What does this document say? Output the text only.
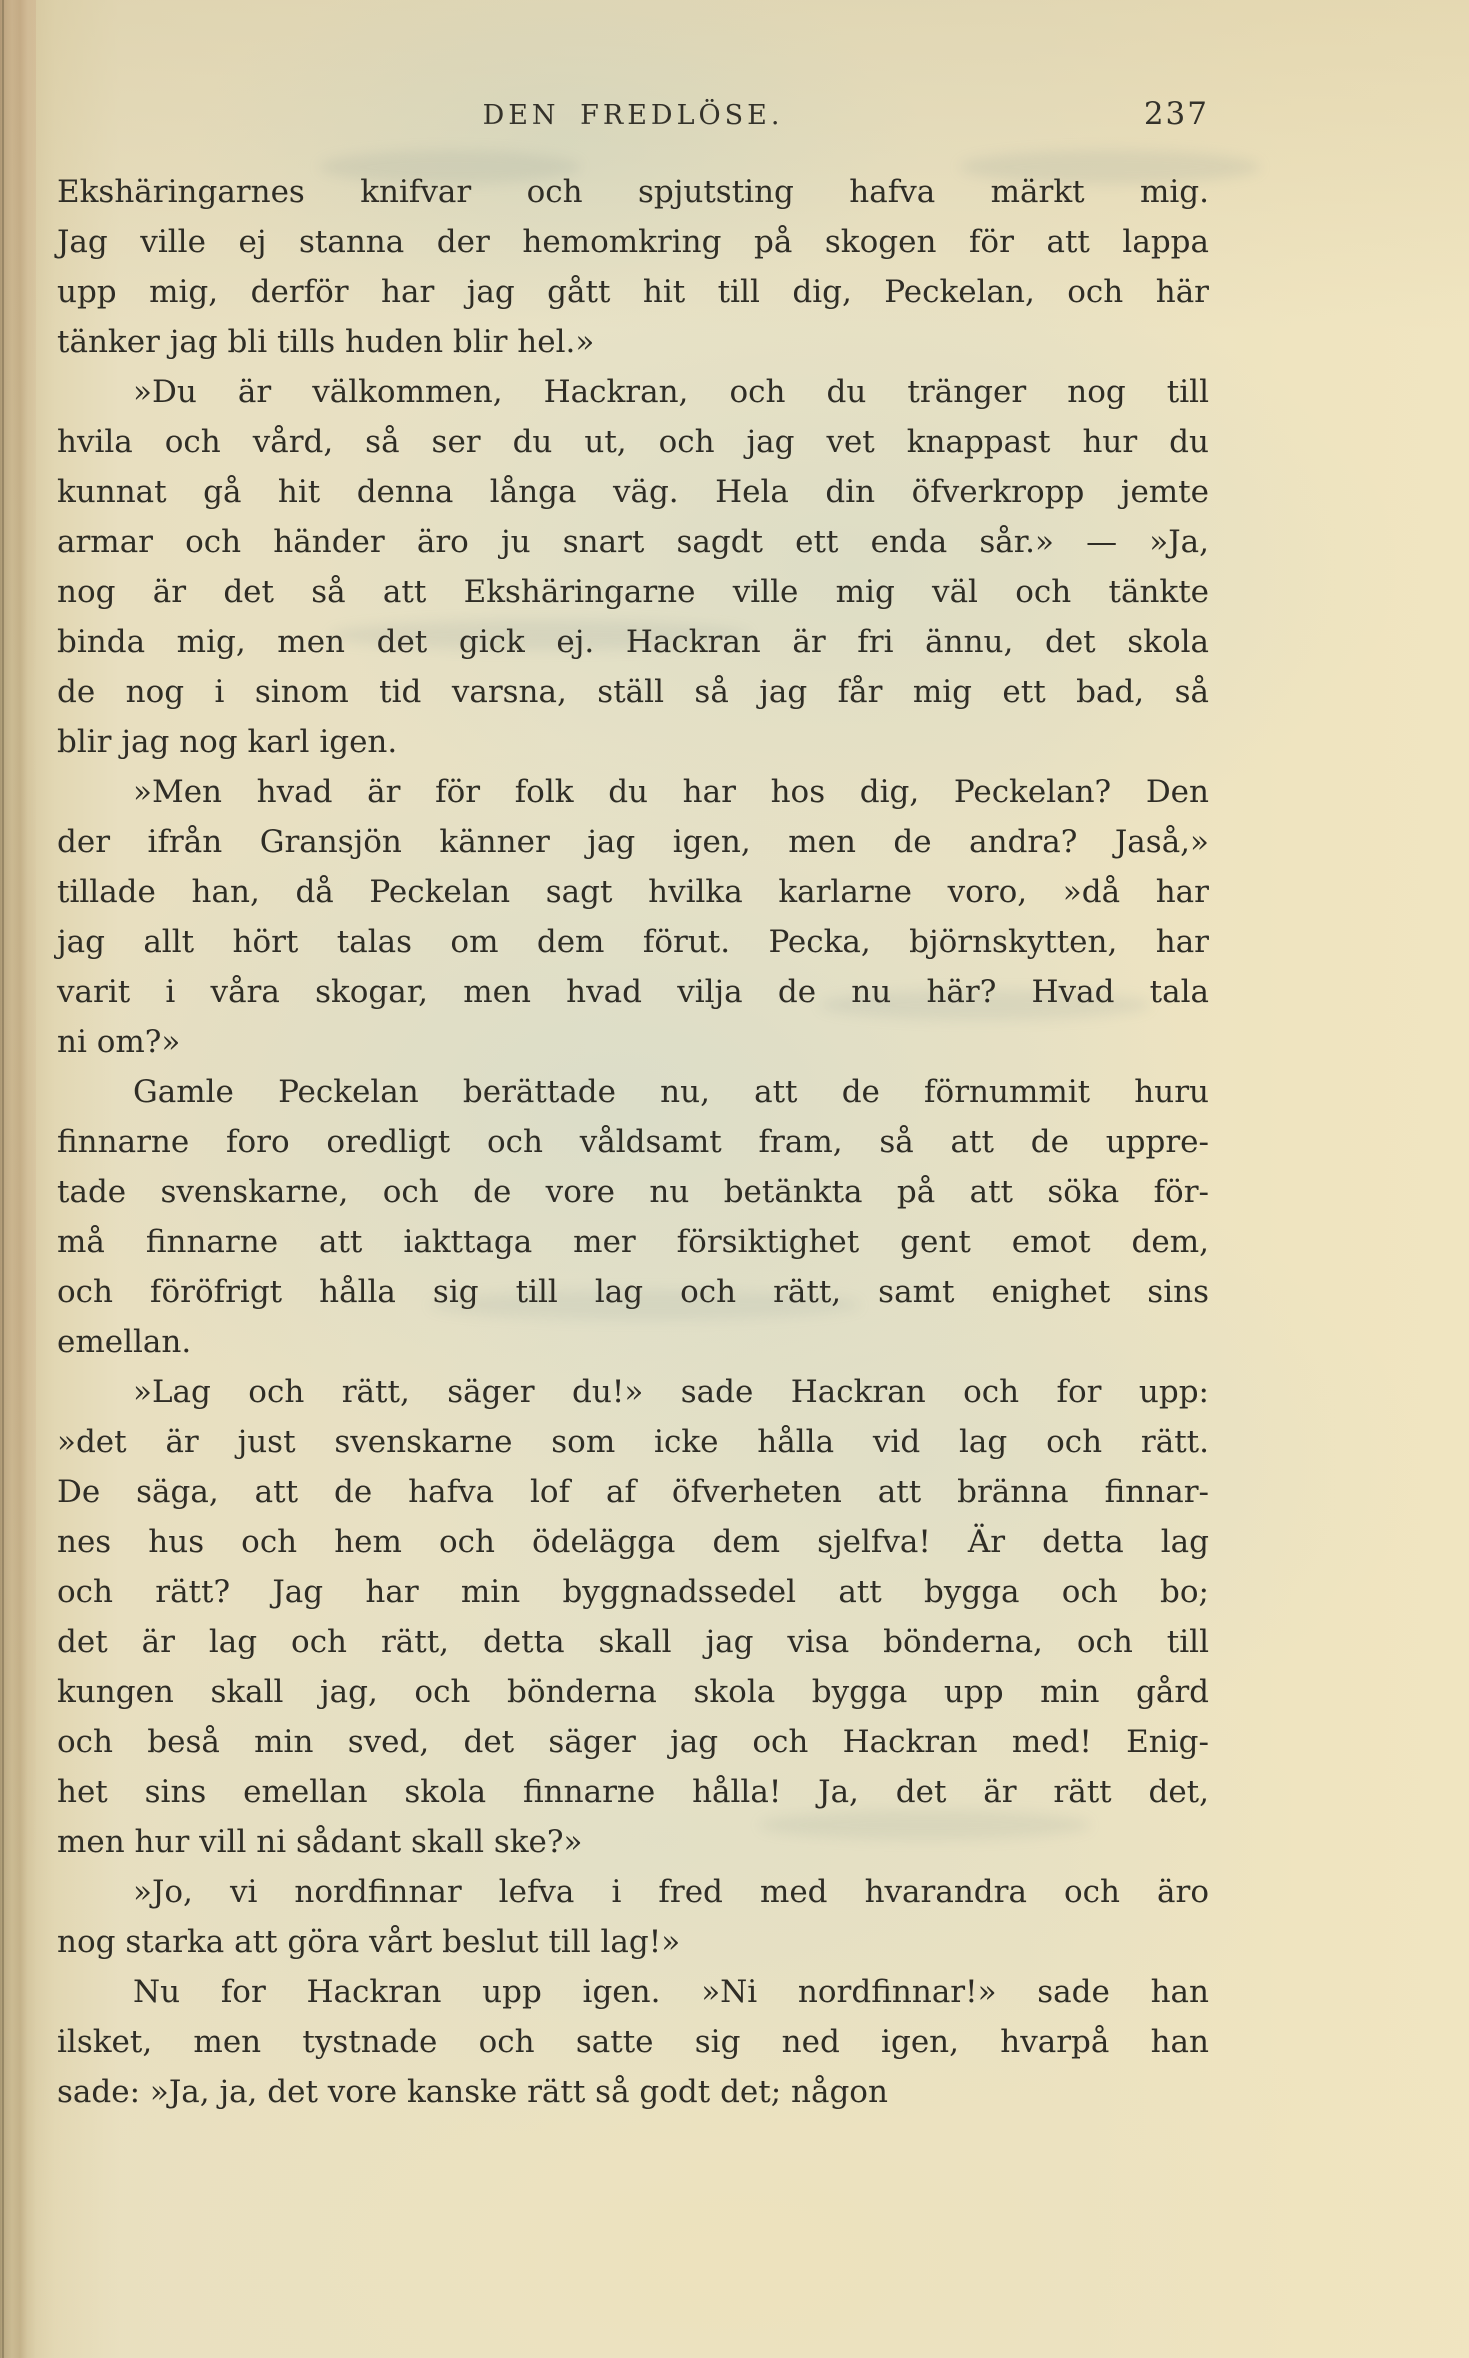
DEN FREDLÖSE.	237
Ekshäringarnes knifvar och spjutsting hafva märkt mig.
Jag ville ej stanna der hemomkring på skogen för att lappa
upp mig, derför har jag gått hit till dig, Peckelan, och här
tänker jag bli tills huden blir hel.»
»Du är välkommen, Hackran, och du tränger nog till
hvila och vård, så ser du ut, och jag vet knappast hur du
kunnat gå hit denna långa väg. Hela din öfverkropp jemte
armar och händer äro ju snart sagdt ett enda sår.» — »Ja,
nog är det så att Ekshäringarne ville mig väl och tänkte
binda mig, men det gick ej. Hackran är fri ännu, det skola
de nog i sinom tid varsna, ställ så jag får mig ett bad, så
blir jag nog karl igen.
»Men hvad är för folk du har hos dig, Peckelan? Den
der ifrån Gransjön känner jag igen, men de andra? Jaså,»
tillade han, då Peckelan sagt hvilka karlarne voro, »då har
jag allt hört talas om dem förut. Pecka, björnskytten, har
varit i våra skogar, men hvad vilja de nu här? Hvad tala
ni om?»
Gamle Peckelan berättade nu, att de förnummit huru
finnarne foro oredligt och våldsamt fram, så att de uppre-
tade svenskarne, och de vore nu betänkta på att söka för-
må finnarne att iakttaga mer försiktighet gent emot dem,
och föröfrigt hålla sig till lag och rätt, samt enighet sins
emellan.
»Lag och rätt, säger du!» sade Hackran och for upp:
»det är just svenskarne som icke hålla vid lag och rätt.
De säga, att de hafva lof af öfverheten att bränna finnar-
nes hus och hem och ödelägga dem sjelfva! Är detta lag
och rätt? Jag har min byggnadssedel att bygga och bo;
det är lag och rätt, detta skall jag visa bönderna, och till
kungen skall jag, och bönderna skola bygga upp min gård
och beså min sved, det säger jag och Hackran med! Enig-
het sins emellan skola finnarne hålla! Ja, det är rätt det,
men hur vill ni sådant skall ske?»
»Jo, vi nordfinnar lefva i fred med hvarandra och äro
nog starka att göra vårt beslut till lag!»
Nu for Hackran upp igen. »Ni nordfinnar!» sade han
ilsket, men tystnade och satte sig ned igen, hvarpå han
sade: »Ja, ja, det vore kanske rätt så godt det; någon
